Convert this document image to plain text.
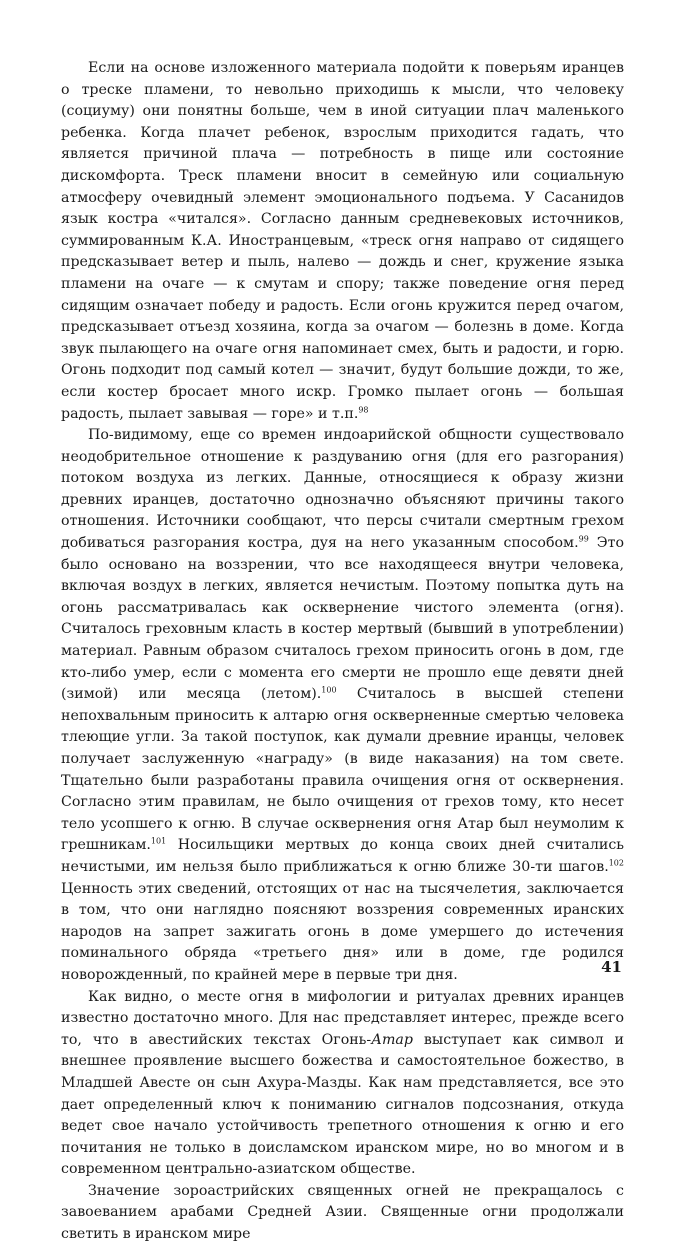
Если на основе изложенного материала подойти к поверьям иранцев о треске пламени, то невольно приходишь к мысли, что человеку (социуму) они понятны больше, чем в иной ситуации плач маленького ребенка. Когда плачет ребенок, взрослым приходится гадать, что является причиной плача — потребность в пище или состояние дискомфорта. Треск пламени вносит в семейную или социальную атмосферу очевидный элемент эмоционального подъема. У Сасанидов язык костра «читался». Согласно данным средневековых источников, суммированным К.А. Иностранцевым, «треск огня направо от сидящего предсказывает ветер и пыль, налево — дождь и снег, кружение языка пламени на очаге — к смутам и спору; также поведение огня перед сидящим означает победу и радость. Если огонь кружится перед очагом, предсказывает отъезд хозяина, когда за очагом — болезнь в доме. Когда звук пылающего на очаге огня напоминает смех, быть и радости, и горю. Огонь подходит под самый котел — значит, будут большие дожди, то же, если костер бросает много искр. Громко пылает огонь — большая радость, пылает завывая — горе» и т.п.$^{98}$

По-видимому, еще со времен индоарийской общности существовало неодобрительное отношение к раздуванию огня (для его разгорания) потоком воздуха из легких. Данные, относящиеся к образу жизни древних иранцев, достаточно однозначно объясняют причины такого отношения. Источники сообщают, что персы считали смертным грехом добиваться разгорания костра, дуя на него указанным способом.$^{99}$ Это было основано на воззрении, что все находящееся внутри человека, включая воздух в легких, является нечистым. Поэтому попытка дуть на огонь рассматривалась как осквернение чистого элемента (огня). Считалось греховным класть в костер мертвый (бывший в употреблении) материал. Равным образом считалось грехом приносить огонь в дом, где кто-либо умер, если с момента его смерти не прошло еще девяти дней (зимой) или месяца (летом).$^{100}$ Считалось в высшей степени непохвальным приносить к алтарю огня оскверненные смертью человека тлеющие угли. За такой поступок, как думали древние иранцы, человек получает заслуженную «награду» (в виде наказания) на том свете. Тщательно были разработаны правила очищения огня от осквернения. Согласно этим правилам, не было очищения от грехов тому, кто несет тело усопшего к огню. В случае осквернения огня Атар был неумолим к грешникам.$^{101}$ Носильщики мертвых до конца своих дней считались нечистыми, им нельзя было приближаться к огню ближе 30-ти шагов.$^{102}$ Ценность этих сведений, отстоящих от нас на тысячелетия, заключается в том, что они наглядно поясняют воззрения современных иранских народов на запрет зажигать огонь в доме умершего до истечения поминального обряда «третьего дня» или в доме, где родился новорожденный, по крайней мере в первые три дня.

Как видно, о месте огня в мифологии и ритуалах древних иранцев известно достаточно много. Для нас представляет интерес, прежде всего то, что в авестийских текстах Огонь-Атар выступает как символ и внешнее проявление высшего божества и самостоятельное божество, в Младшей Авесте он сын Ахура-Мазды. Как нам представляется, все это дает определенный ключ к пониманию сигналов подсознания, откуда ведет свое начало устойчивость трепетного отношения к огню и его почитания не только в доисламском иранском мире, но во многом и в современном центрально-азиатском обществе.

Значение зороастрийских священных огней не прекращалось с завоеванием арабами Средней Азии. Священные огни продолжали светить в иранском мире

41
